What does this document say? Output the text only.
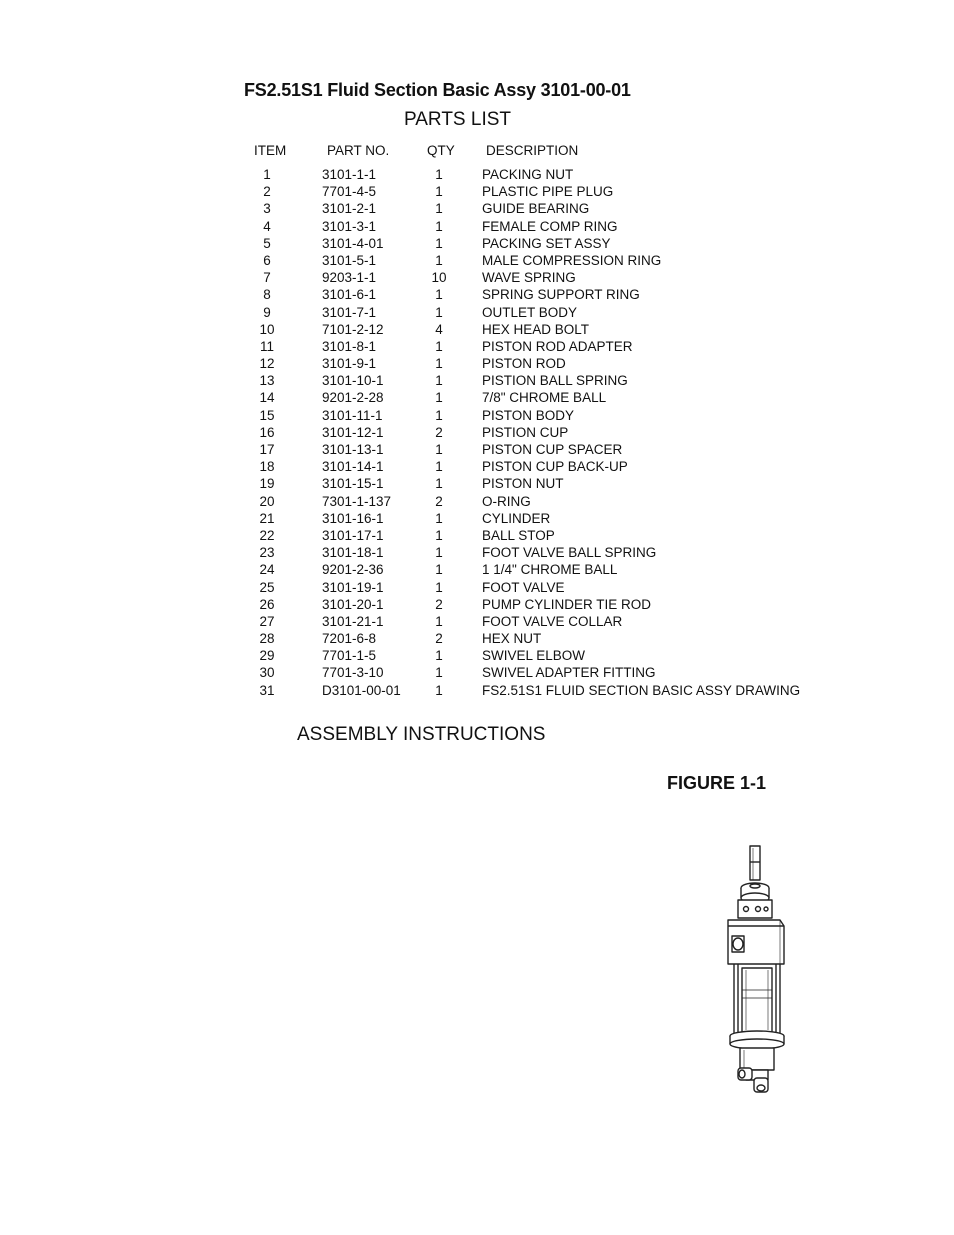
FS2.51S1 Fluid Section Basic Assy 3101-00-01
PARTS LIST
ITEM	PART NO.	QTY DESCRIPTION
1	3101-1-1	1	PACKING NUT
2	7701-4-5	1	PLASTIC PIPE PLUG
3	3101-2-1	1	GUIDE BEARING
4	3101-3-1	1	FEMALE COMP RING
5	3101-4-01	1	PACKING SET ASSY
6	3101-5-1	1	MALE COMPRESSION RING
7	9203-1-1	10	WAVE SPRING
8	3101-6-1	1	SPRING SUPPORT RING
9	3101-7-1	1	OUTLET BODY
10	7101-2-12	4	HEX HEAD BOLT
11	3101-8-1	1	PISTON ROD ADAPTER
12	3101-9-1	1	PISTON ROD
13	3101-10-1	1	PISTION BALL SPRING
14	9201-2-28	1	7/8" CHROME BALL
15	3101-11-1	1	PISTON BODY
16	3101-12-1	2	PISTION CUP
17	3101-13-1	1	PISTON CUP SPACER
18	3101-14-1	1	PISTON CUP BACK-UP
19	3101-15-1	1	PISTON NUT
20	7301-1-137	2	O-RING
21	3101-16-1	1	CYLINDER
22	3101-17-1	1	BALL STOP
23	3101-18-1	1	FOOT VALVE BALL SPRING
24	9201-2-36	1	1 1/4" CHROME BALL
25	3101-19-1	1	FOOT VALVE
26	3101-20-1	2	PUMP CYLINDER TIE ROD
27	3101-21-1	1	FOOT VALVE COLLAR
28	7201-6-8	2	HEX NUT
29	7701-1-5	1	SWIVEL ELBOW
30	7701-3-10	1	SWIVEL ADAPTER FITTING
31	D3101-00-01	1	FS2.51S1 FLUID SECTION BASIC ASSY DRAWING
ASSEMBLY INSTRUCTIONS
FIGURE 1-1
